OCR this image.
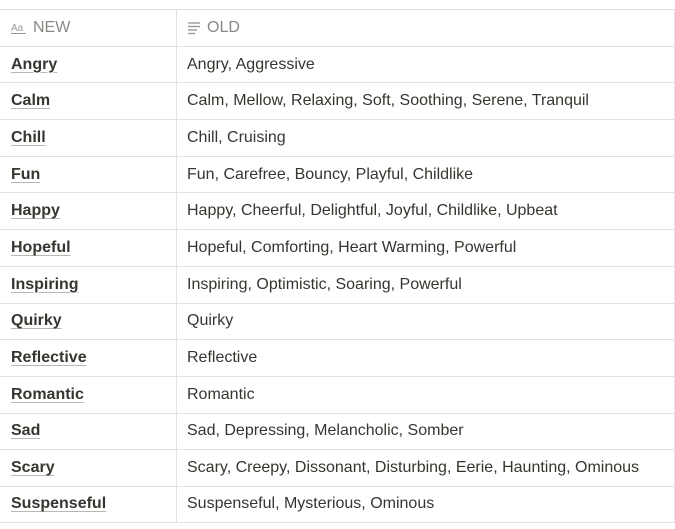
Aa NEW	OLD
Angry	Angry, Aggressive
Calm	Calm, Mellow, Relaxing, Soft, Soothing, Serene, Tranquil
Chill	Chill, Cruising
Fun	Fun, Carefree, Bouncy, Playful, Childlike
Happy	Happy, Cheerful, Delightful, Joyful, Childlike, Upbeat
Hopeful	Hopeful, Comforting, Heart Warming, Powerful
Inspiring	Inspiring, Optimistic, Soaring, Powerful
Quirky	Quirky
Reflective	Reflective
Romantic	Romantic
Sad	Sad, Depressing, Melancholic, Somber
Scary	Scary, Creepy, Dissonant, Disturbing, Eerie, Haunting, Ominous
Suspenseful	Suspenseful, Mysterious, Ominous
